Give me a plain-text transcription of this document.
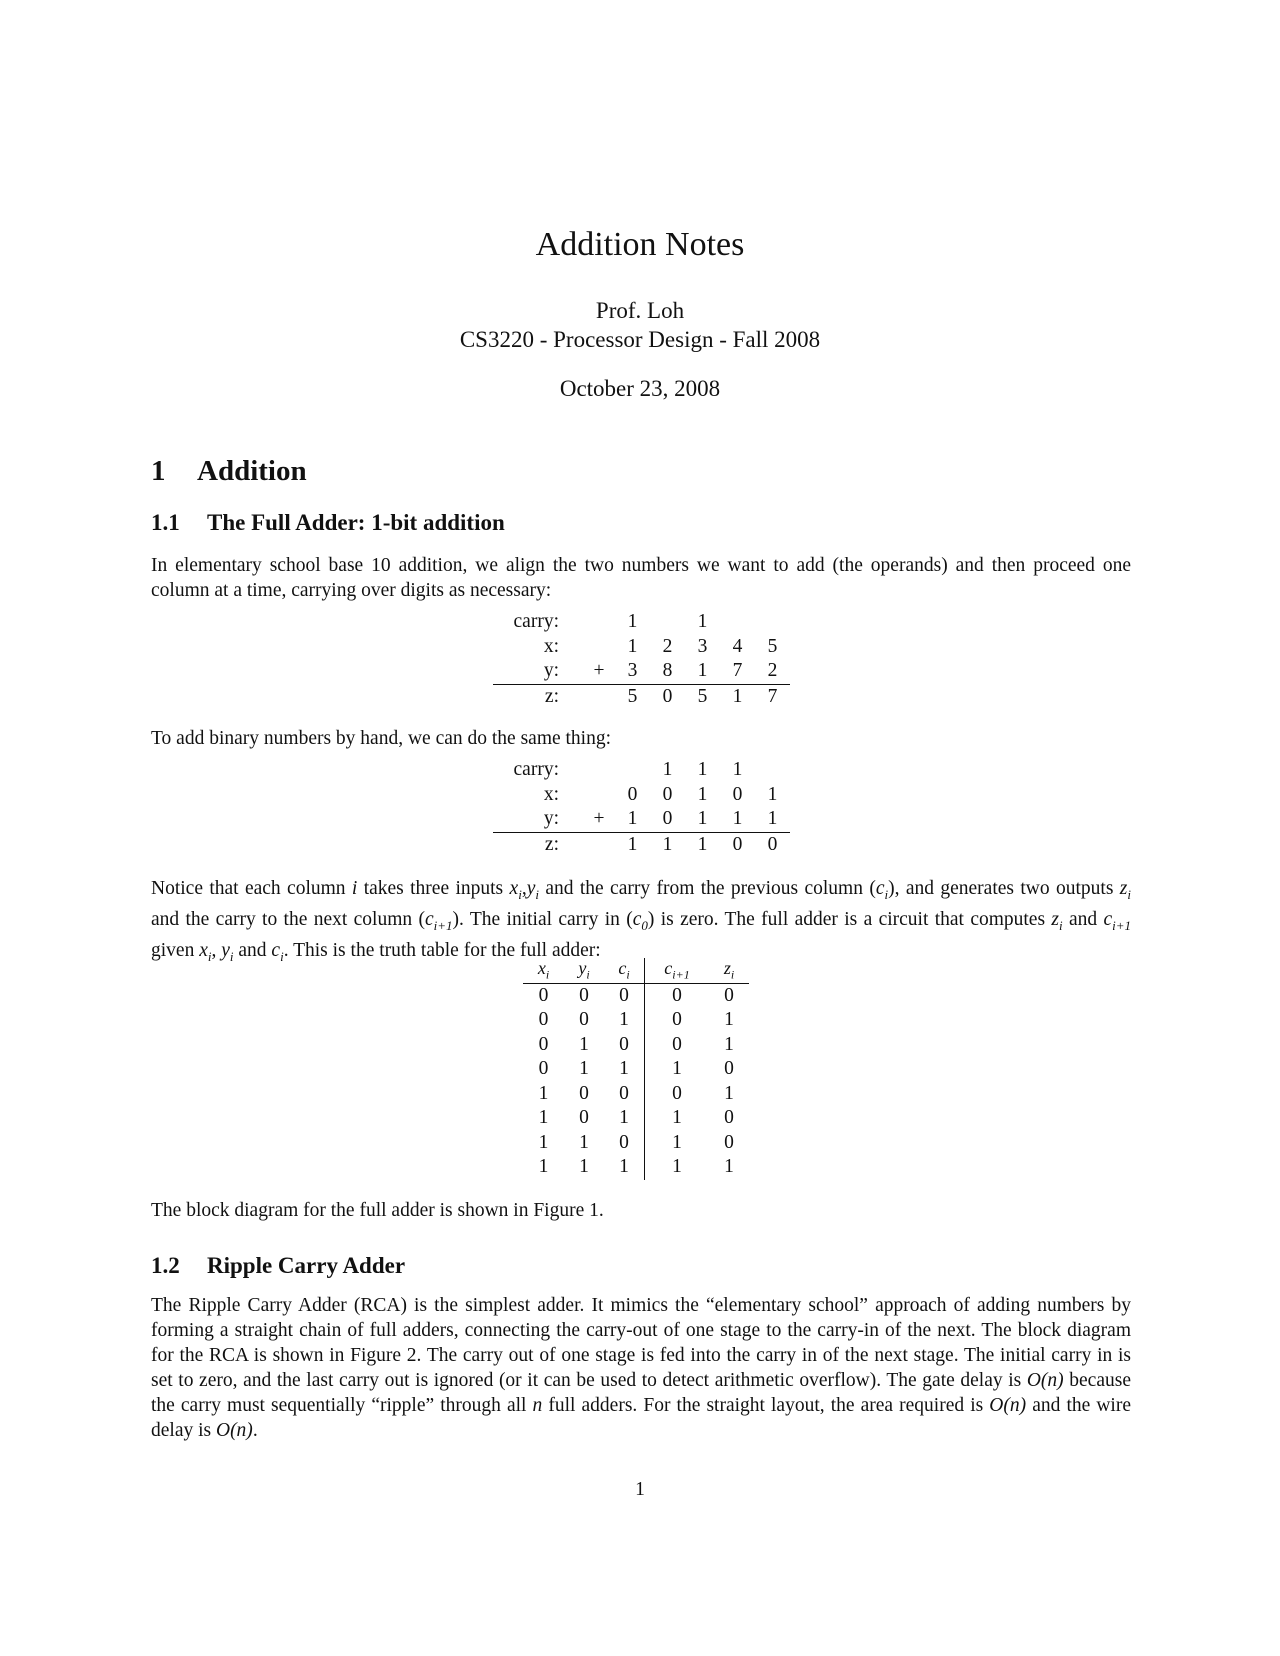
Addition Notes
Prof. Loh
CS3220 - Processor Design - Fall 2008
October 23, 2008
1 Addition
1.1 The Full Adder: 1-bit addition
In elementary school base 10 addition, we align the two numbers we want to add (the operands) and then proceed one column at a time, carrying over digits as necessary:
carry:		1		1		
x:		1	2	3	4	5
y:	+	3	8	1	7	2
z:		5	0	5	1	7
To add binary numbers by hand, we can do the same thing:
carry:			1	1	1	
x:		0	0	1	0	1
y:	+	1	0	1	1	1
z:		1	1	1	0	0
Notice that each column i takes three inputs $x_i,y_i$ and the carry from the previous column $(c_i)$, and generates two outputs $z_i$ and the carry to the next column $(c_{i+1})$. The initial carry in $(c_0)$ is zero. The full adder is a circuit that computes $z_i$ and $c_{i+1}$ given $x_i$, $y_i$ and $c_i$. This is the truth table for the full adder:
$x_i$	$y_i$	$c_i$	$c_{i+1}$	$z_i$
0	0	0	0	0
0	0	1	0	1
0	1	0	0	1
0	1	1	1	0
1	0	0	0	1
1	0	1	1	0
1	1	0	1	0
1	1	1	1	1
The block diagram for the full adder is shown in Figure 1.
1.2 Ripple Carry Adder
The Ripple Carry Adder (RCA) is the simplest adder. It mimics the “elementary school” approach of adding numbers by forming a straight chain of full adders, connecting the carry-out of one stage to the carry-in of the next. The block diagram for the RCA is shown in Figure 2. The carry out of one stage is fed into the carry in of the next stage. The initial carry in is set to zero, and the last carry out is ignored (or it can be used to detect arithmetic overflow). The gate delay is O(n) because the carry must sequentially “ripple” through all n full adders. For the straight layout, the area required is O(n) and the wire delay is O(n).
1
